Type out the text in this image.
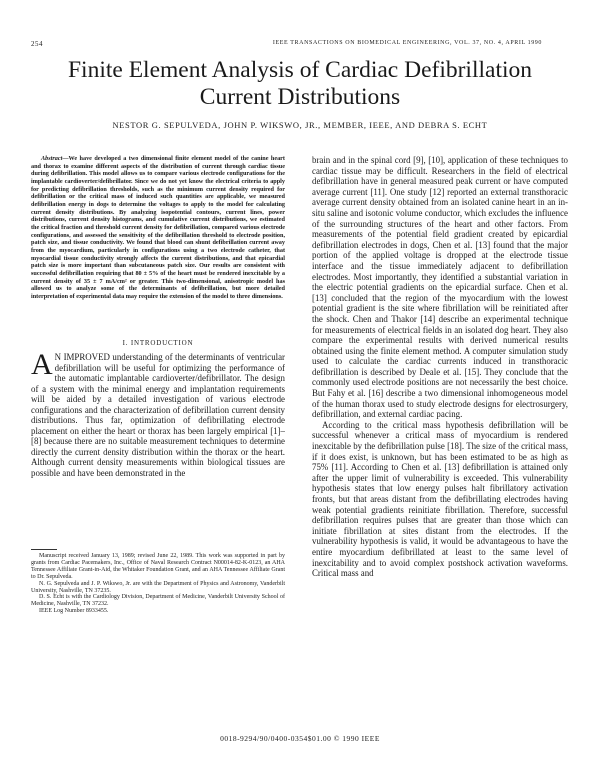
254	IEEE TRANSACTIONS ON BIOMEDICAL ENGINEERING, VOL. 37, NO. 4, APRIL 1990
Finite Element Analysis of Cardiac Defibrillation Current Distributions
NESTOR G. SEPULVEDA, JOHN P. WIKSWO, JR., MEMBER, IEEE, AND DEBRA S. ECHT
Abstract—We have developed a two dimensional finite element model of the canine heart and thorax to examine different aspects of the distribution of current through cardiac tissue during defibrillation. This model allows us to compare various electrode configurations for the implantable cardioverter/defibrillator. Since we do not yet know the electrical criteria to apply for predicting defibrillation thresholds, such as the minimum current density required for defibrillation or the critical mass of induced such quantities are applicable, we measured defibrillation energy in dogs to determine the voltages to apply to the model for calculating current density distributions. By analyzing isopotential contours, current lines, power distributions, current density histograms, and cumulative current distributions, we estimated the critical fraction and threshold current density for defibrillation, compared various electrode configurations, and assessed the sensitivity of the defibrillation threshold to electrode position, patch size, and tissue conductivity. We found that blood can shunt defibrillation current away from the myocardium, particularly in configurations using a two electrode catheter, that myocardial tissue conductivity strongly affects the current distributions, and that epicardial patch size is more important than subcutaneous patch size. Our results are consistent with successful defibrillation requiring that 80 ± 5% of the heart must be rendered inexcitable by a current density of 35 ± 7 mA/cm² or greater. This two-dimensional, anisotropic model has allowed us to analyze some of the determinants of defibrillation, but more detailed interpretation of experimental data may require the extension of the model to three dimensions.
I. INTRODUCTION
A N IMPROVED understanding of the determinants of ventricular defibrillation will be useful for optimizing the performance of the automatic implantable cardioverter/defibrillator. The design of a system with the minimal energy and implantation requirements will be aided by a detailed investigation of various electrode configurations and the characterization of defibrillation current density distributions. Thus far, optimization of defibrillating electrode placement on either the heart or thorax has been largely empirical [1]–[8] because there are no suitable measurement techniques to determine directly the current density distribution within the thorax or the heart. Although current density measurements within biological tissues are possible and have been demonstrated in the

Manuscript received January 13, 1989; revised June 22, 1989. This work was supported in part by grants from Cardiac Pacemakers, Inc., Office of Naval Research Contract N00014-82-K-0123, an AHA Tennessee Affiliate Grant-in-Aid, the Whitaker Foundation Grant, and an AHA Tennessee Affiliate Grant to Dr. Sepulveda.

N. G. Sepulveda and J. P. Wikswo, Jr. are with the Department of Physics and Astronomy, Vanderbilt University, Nashville, TN 37235.

D. S. Echt is with the Cardiology Division, Department of Medicine, Vanderbilt University School of Medicine, Nashville, TN 37232.

IEEE Log Number 8933455.

brain and in the spinal cord [9], [10], application of these techniques to cardiac tissue may be difficult. Researchers in the field of electrical defibrillation have in general measured peak current or have computed average current [11]. One study [12] reported an external transthoracic average current density obtained from an isolated canine heart in an in-situ saline and isotonic volume conductor, which excludes the influence of the surrounding structures of the heart and other factors. From measurements of the potential field gradient created by epicardial defibrillation electrodes in dogs, Chen et al. [13] found that the major portion of the applied voltage is dropped at the electrode tissue interface and the tissue immediately adjacent to defibrillation electrodes. Most importantly, they identified a substantial variation in the electric potential gradients on the epicardial surface. Chen et al. [13] concluded that the region of the myocardium with the lowest potential gradient is the site where fibrillation will be reinitiated after the shock. Chen and Thakor [14] describe an experimental technique for measurements of electrical fields in an isolated dog heart. They also compare the experimental results with derived numerical results obtained using the finite element method. A computer simulation study used to calculate the cardiac currents induced in transthoracic defibrillation is described by Deale et al. [15]. They conclude that the commonly used electrode positions are not necessarily the best choice. But Fahy et al. [16] describe a two dimensional inhomogeneous model of the human thorax used to study electrode designs for electrosurgery, defibrillation, and external cardiac pacing.

According to the critical mass hypothesis defibrillation will be successful whenever a critical mass of myocardium is rendered inexcitable by the defibrillation pulse [18]. The size of the critical mass, if it does exist, is unknown, but has been estimated to be as high as 75% [11]. According to Chen et al. [13] defibrillation is attained only after the upper limit of vulnerability is exceeded. This vulnerability hypothesis states that low energy pulses halt fibrillatory activation fronts, but that areas distant from the defibrillating electrodes having weak potential gradients reinitiate fibrillation. Therefore, successful defibrillation requires pulses that are greater than those which can initiate fibrillation at sites distant from the electrodes. If the vulnerability hypothesis is valid, it would be advantageous to have the entire myocardium defibrillated at least to the same level of inexcitability and to avoid complex postshock activation waveforms. Critical mass and

0018-9294/90/0400-0354$01.00 © 1990 IEEE
